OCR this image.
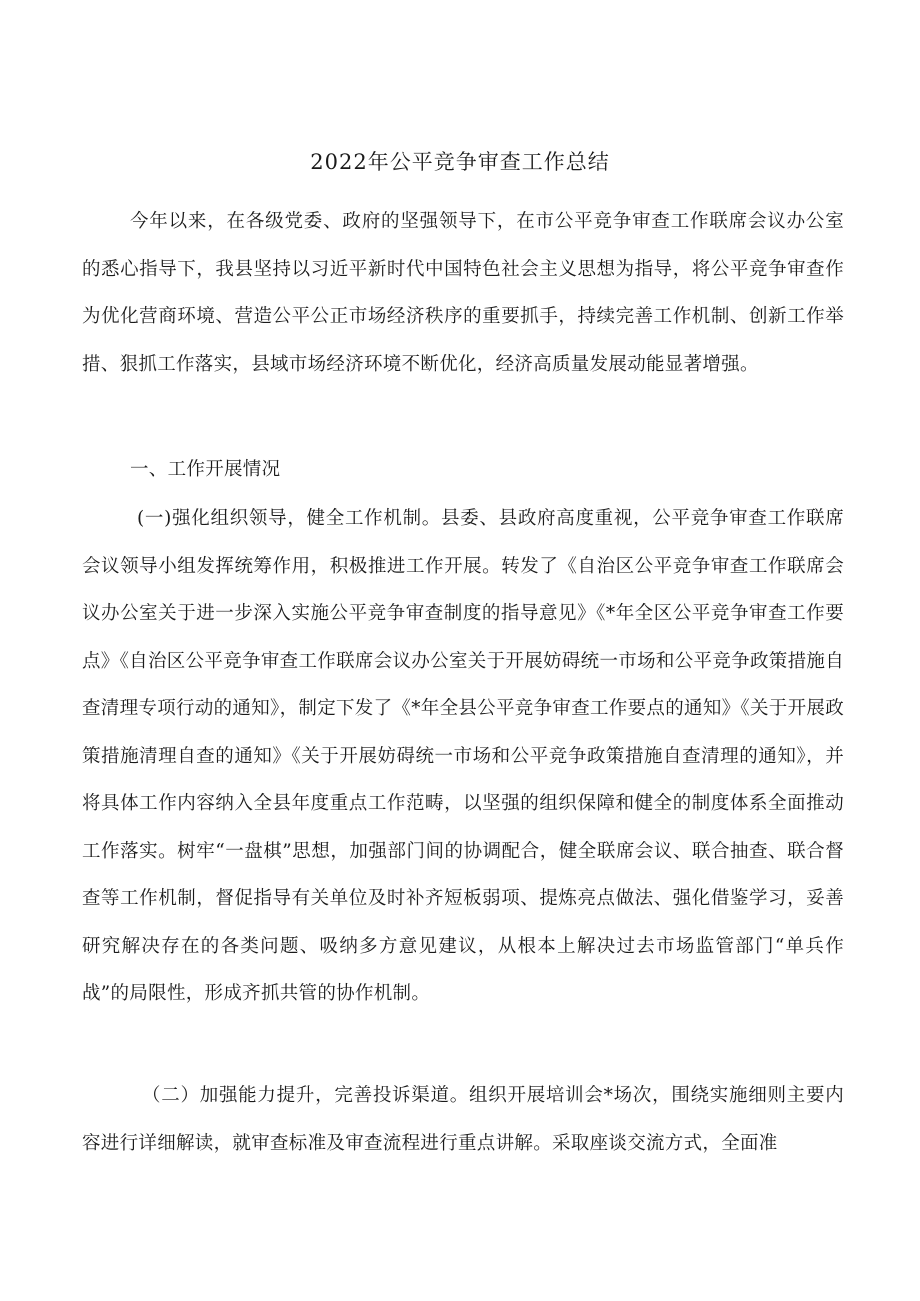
2022年公平竞争审查工作总结
今年以来，在各级党委、政府的坚强领导下，在市公平竞争审查工作联席会议办公室的悉心指导下，我县坚持以习近平新时代中国特色社会主义思想为指导，将公平竞争审查作为优化营商环境、营造公平公正市场经济秩序的重要抓手，持续完善工作机制、创新工作举措、狠抓工作落实，县域市场经济环境不断优化，经济高质量发展动能显著增强。
一、工作开展情况
(一)强化组织领导，健全工作机制。县委、县政府高度重视，公平竞争审查工作联席会议领导小组发挥统筹作用，积极推进工作开展。转发了《自治区公平竞争审查工作联席会议办公室关于进一步深入实施公平竞争审查制度的指导意见》《*年全区公平竞争审查工作要点》《自治区公平竞争审查工作联席会议办公室关于开展妨碍统一市场和公平竞争政策措施自查清理专项行动的通知》，制定下发了《*年全县公平竞争审查工作要点的通知》《关于开展政策措施清理自查的通知》《关于开展妨碍统一市场和公平竞争政策措施自查清理的通知》，并将具体工作内容纳入全县年度重点工作范畴，以坚强的组织保障和健全的制度体系全面推动工作落实。树牢“一盘棋”思想，加强部门间的协调配合，健全联席会议、联合抽查、联合督查等工作机制，督促指导有关单位及时补齐短板弱项、提炼亮点做法、强化借鉴学习，妥善研究解决存在的各类问题、吸纳多方意见建议，从根本上解决过去市场监管部门“单兵作战”的局限性，形成齐抓共管的协作机制。
（二）加强能力提升，完善投诉渠道。组织开展培训会*场次，围绕实施细则主要内容进行详细解读，就审查标准及审查流程进行重点讲解。采取座谈交流方式，全面准
